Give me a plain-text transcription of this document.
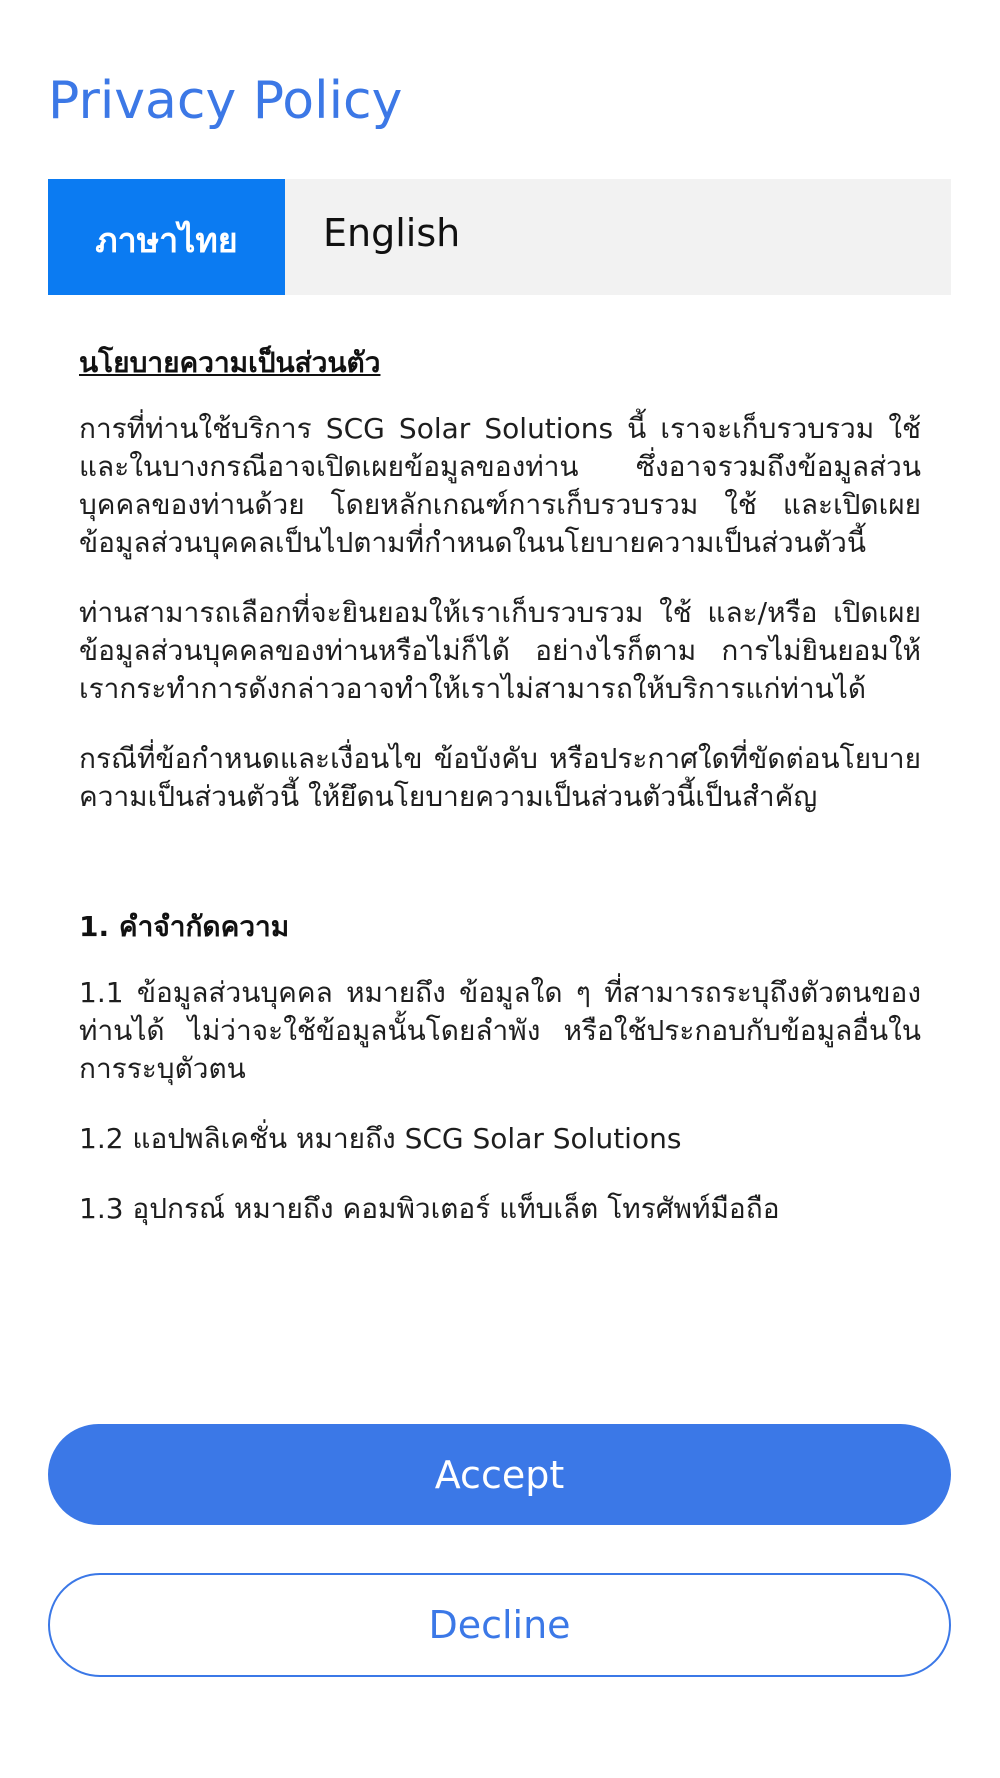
Privacy Policy
ภาษาไทย	English
นโยบายความเป็นส่วนตัว

การที่ท่านใช้บริการ SCG Solar Solutions นี้ เราจะเก็บรวบรวม ใช้ และในบางกรณีอาจเปิดเผยข้อมูลของท่าน ซึ่งอาจรวมถึงข้อมูลส่วนบุคคลของท่านด้วย โดยหลักเกณฑ์การเก็บรวบรวม ใช้ และเปิดเผยข้อมูลส่วนบุคคลเป็นไปตามที่กำหนดในนโยบายความเป็นส่วนตัวนี้

ท่านสามารถเลือกที่จะยินยอมให้เราเก็บรวบรวม ใช้ และ/หรือ เปิดเผยข้อมูลส่วนบุคคลของท่านหรือไม่ก็ได้ อย่างไรก็ตาม การไม่ยินยอมให้เรากระทำการดังกล่าวอาจทำให้เราไม่สามารถให้บริการแก่ท่านได้

กรณีที่ข้อกำหนดและเงื่อนไข ข้อบังคับ หรือประกาศใดที่ขัดต่อนโยบายความเป็นส่วนตัวนี้ ให้ยึดนโยบายความเป็นส่วนตัวนี้เป็นสำคัญ

1. คำจำกัดความ

1.1 ข้อมูลส่วนบุคคล หมายถึง ข้อมูลใด ๆ ที่สามารถระบุถึงตัวตนของท่านได้ ไม่ว่าจะใช้ข้อมูลนั้นโดยลำพัง หรือใช้ประกอบกับข้อมูลอื่นในการระบุตัวตน

1.2 แอปพลิเคชั่น หมายถึง SCG Solar Solutions

1.3 อุปกรณ์ หมายถึง คอมพิวเตอร์ แท็บเล็ต โทรศัพท์มือถือ

Accept
Decline
